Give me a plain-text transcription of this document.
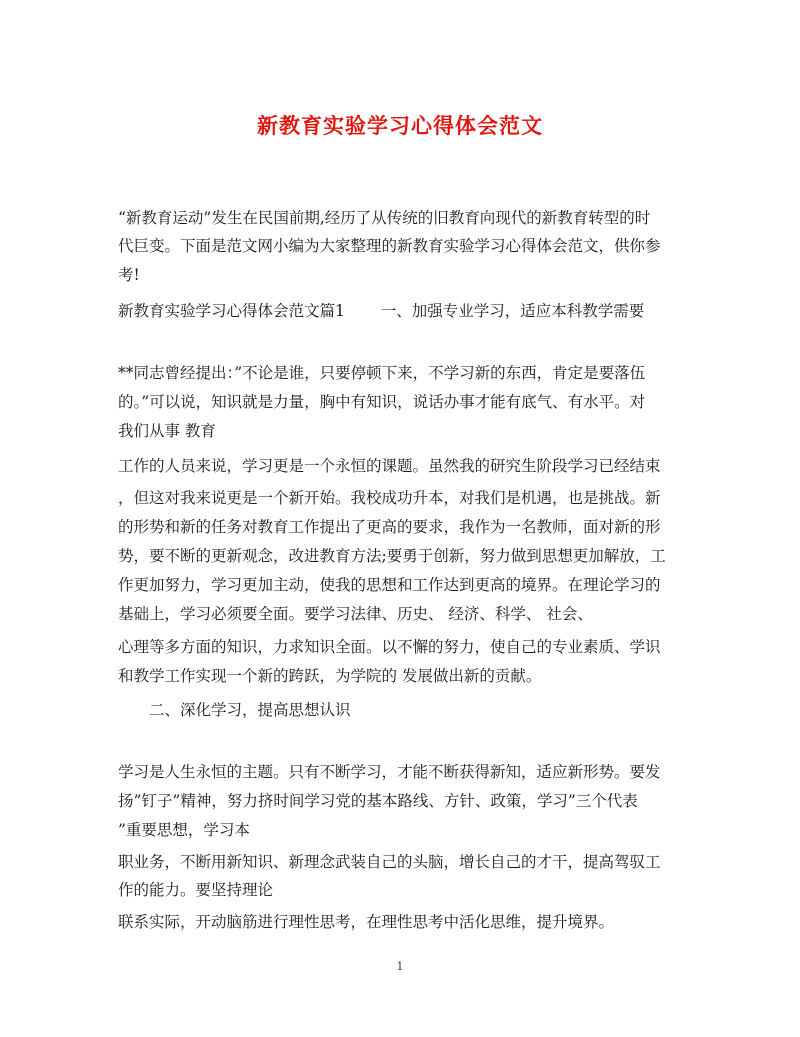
新教育实验学习心得体会范文
“新教育运动”发生在民国前期,经历了从传统的旧教育向现代的新教育转型的时
代巨变。下面是范文网小编为大家整理的新教育实验学习心得体会范文，供你参
考!
新教育实验学习心得体会范文篇1　　 一、加强专业学习，适应本科教学需要
**同志曾经提出：”不论是谁，只要停顿下来，不学习新的东西，肯定是要落伍
的。”可以说，知识就是力量，胸中有知识，说话办事才能有底气、有水平。对
我们从事 教育
工作的人员来说，学习更是一个永恒的课题。虽然我的研究生阶段学习已经结束
，但这对我来说更是一个新开始。我校成功升本，对我们是机遇，也是挑战。新
的形势和新的任务对教育工作提出了更高的要求，我作为一名教师，面对新的形
势，要不断的更新观念，改进教育方法;要勇于创新，努力做到思想更加解放，工
作更加努力，学习更加主动，使我的思想和工作达到更高的境界。在理论学习的
基础上，学习必须要全面。要学习法律、历史、 经济、科学、 社会、
心理等多方面的知识，力求知识全面。以不懈的努力，使自己的专业素质、学识
和教学工作实现一个新的跨跃，为学院的 发展做出新的贡献。
　　二、深化学习，提高思想认识
学习是人生永恒的主题。只有不断学习，才能不断获得新知，适应新形势。要发
扬”钉子”精神，努力挤时间学习党的基本路线、方针、政策，学习”三个代表
”重要思想，学习本
职业务，不断用新知识、新理念武装自己的头脑，增长自己的才干，提高驾驭工
作的能力。要坚持理论
联系实际，开动脑筋进行理性思考，在理性思考中活化思维，提升境界。
1
